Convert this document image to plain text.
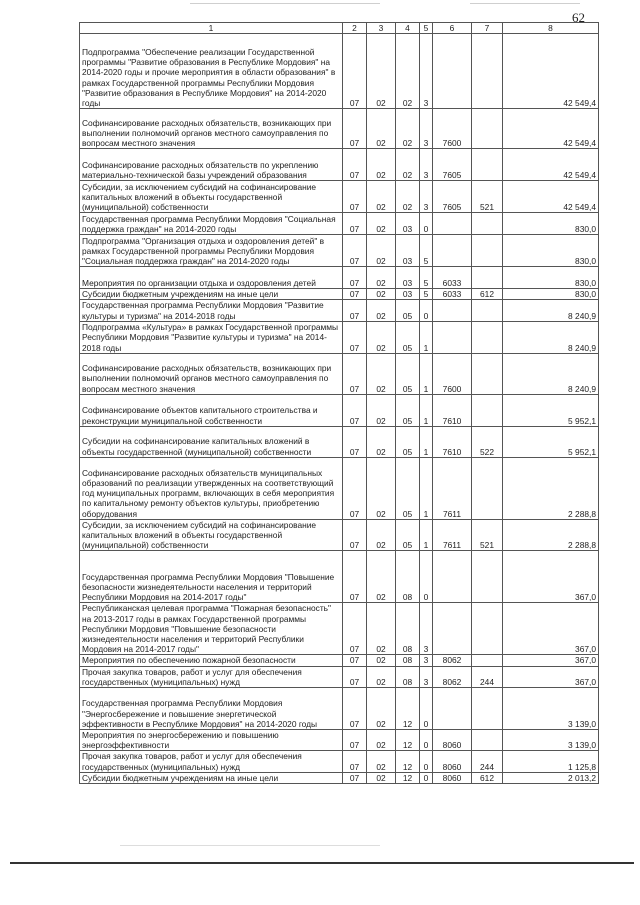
62
1	2	3	4	5	6	7	8
Подпрограмма "Обеспечение реализации Государственной программы "Развитие образования в Республике Мордовия" на 2014-2020 годы и прочие мероприятия в области образования" в рамках Государственной программы Республики Мордовия "Развитие образования в Республике Мордовия" на 2014-2020 годы	07	02	02	3			42 549,4
Софинансирование расходных обязательств, возникающих при выполнении полномочий органов местного самоуправления по вопросам местного значения	07	02	02	3	7600		42 549,4
Софинансирование расходных обязательств по укреплению материально-технической базы учреждений образования	07	02	02	3	7605		42 549,4
Субсидии, за исключением субсидий на софинансирование капитальных вложений в объекты государственной (муниципальной) собственности	07	02	02	3	7605	521	42 549,4
Государственная программа Республики Мордовия "Социальная поддержка граждан" на 2014-2020 годы	07	02	03	0			830,0
Подпрограмма "Организация отдыха и оздоровления детей" в рамках Государственной программы Республики Мордовия "Социальная поддержка граждан" на 2014-2020 годы	07	02	03	5			830,0
Мероприятия по организации отдыха и оздоровления детей	07	02	03	5	6033		830,0
Субсидии бюджетным учреждениям на иные цели	07	02	03	5	6033	612	830,0
Государственная программа Республики Мордовия "Развитие культуры и туризма" на 2014-2018 годы	07	02	05	0			8 240,9
Подпрограмма «Культура» в рамках Государственной программы Республики Мордовия "Развитие культуры и туризма" на 2014-2018 годы	07	02	05	1			8 240,9
Софинансирование расходных обязательств, возникающих при выполнении полномочий органов местного самоуправления по вопросам местного значения	07	02	05	1	7600		8 240,9
Софинансирование объектов капитального строительства и реконструкции муниципальной собственности	07	02	05	1	7610		5 952,1
Субсидии на софинансирование капитальных вложений в объекты государственной (муниципальной) собственности	07	02	05	1	7610	522	5 952,1
Софинансирование расходных обязательств муниципальных образований по реализации утвержденных на соответствующий год муниципальных программ, включающих в себя мероприятия по капитальному ремонту объектов культуры, приобретению оборудования	07	02	05	1	7611		2 288,8
Субсидии, за исключением субсидий на софинансирование капитальных вложений в объекты государственной (муниципальной) собственности	07	02	05	1	7611	521	2 288,8
Государственная программа Республики Мордовия "Повышение безопасности жизнедеятельности населения и территорий Республики Мордовия на 2014-2017 годы"	07	02	08	0			367,0
Республиканская целевая программа "Пожарная безопасность" на 2013-2017 годы в рамках Государственной программы Республики Мордовия "Повышение безопасности жизнедеятельности населения и территорий Республики Мордовия на 2014-2017 годы"	07	02	08	3			367,0
Мероприятия по обеспечению пожарной безопасности	07	02	08	3	8062		367,0
Прочая закупка товаров, работ и услуг для обеспечения государственных (муниципальных) нужд	07	02	08	3	8062	244	367,0
Государственная программа Республики Мордовия "Энергосбережение и повышение энергетической эффективности в Республике Мордовия" на 2014-2020 годы	07	02	12	0			3 139,0
Мероприятия по энергосбережению и повышению энергоэффективности	07	02	12	0	8060		3 139,0
Прочая закупка товаров, работ и услуг для обеспечения государственных (муниципальных) нужд	07	02	12	0	8060	244	1 125,8
Субсидии бюджетным учреждениям на иные цели	07	02	12	0	8060	612	2 013,2
